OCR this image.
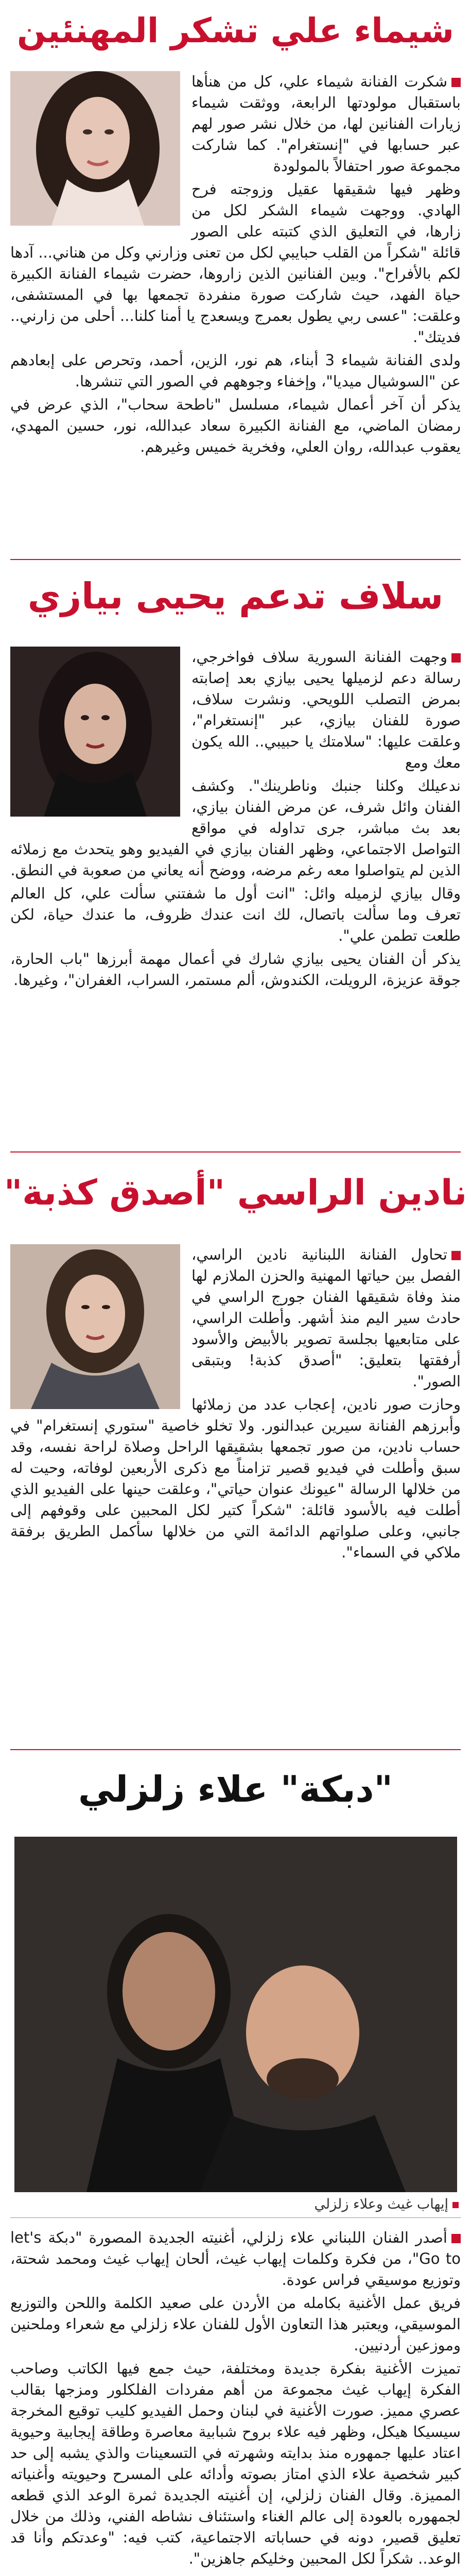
شيماء علي تشكر المهنئين

شكرت الفنانة شيماء علي، كل من هنأها باستقبال مولودتها الرابعة، ووثقت شيماء زيارات الفنانين لها، من خلال نشر صور لهم عبر حسابها في "إنستغرام". كما شاركت مجموعة صور احتفالاً بالمولودة

وظهر فيها شقيقها عقيل وزوجته فرح الهادي. ووجهت شيماء الشكر لكل من زارها، في التعليق الذي كتبته على الصور قائلة "شكراً من القلب حبايبي لكل من تعنى وزارني وكل من هناني... آدها لكم بالأفراح". وبين الفنانين الذين زاروها، حضرت شيماء الفنانة الكبيرة حياة الفهد، حيث شاركت صورة منفردة تجمعها بها في المستشفى، وعلقت: "عسى ربي يطول بعمرج ويسعدج يا أمنا كلنا... أحلى من زارني.. فديتك".

ولدى الفنانة شيماء 3 أبناء، هم نور، الزين، أحمد، وتحرص على إبعادهم عن "السوشيال ميديا"، وإخفاء وجوههم في الصور التي تنشرها.

يذكر أن آخر أعمال شيماء، مسلسل "ناطحة سحاب"، الذي عرض في رمضان الماضي، مع الفنانة الكبيرة سعاد عبدالله، نور، حسين المهدي، يعقوب عبدالله، روان العلي، وفخرية خميس وغيرهم.

سلاف تدعم يحيى بيازي

وجهت الفنانة السورية سلاف فواخرجي، رسالة دعم لزميلها يحيى بيازي بعد إصابته بمرض التصلب اللويحي. ونشرت سلاف، صورة للفنان بيازي، عبر "إنستغرام"، وعلقت عليها: "سلامتك يا حبيبي.. الله يكون معك ومع

ندعيلك وكلنا جنبك وناطرينك". وكشف الفنان وائل شرف، عن مرض الفنان بيازي، بعد بث مباشر، جرى تداوله في مواقع التواصل الاجتماعي، وظهر الفنان بيازي في الفيديو وهو يتحدث مع زملائه الذين لم يتواصلوا معه رغم مرضه، ووضح أنه يعاني من صعوبة في النطق.

وقال بيازي لزميله وائل: "انت أول ما شفتني سألت علي، كل العالم تعرف وما سألت باتصال، لك انت عندك ظروف، ما عندك حياة، لكن طلعت تطمن علي".

يذكر أن الفنان يحيى بيازي شارك في أعمال مهمة أبرزها "باب الحارة، جوقة عزيزة، الرويلت، الكندوش، ألم مستمر، السراب، الغفران"، وغيرها.

نادين الراسي "أصدق كذبة"

تحاول الفنانة اللبنانية نادين الراسي، الفصل بين حياتها المهنية والحزن الملازم لها منذ وفاة شقيقها الفنان جورج الراسي في حادث سير اليم منذ أشهر. وأطلت الراسي، على متابعيها بجلسة تصوير بالأبيض والأسود أرفقتها بتعليق: "أصدق كذبة! وبتبقى الصور".

وحازت صور نادين، إعجاب عدد من زملائها وأبرزهم الفنانة سيرين عبدالنور. ولا تخلو خاصية "ستوري إنستغرام" في حساب نادين، من صور تجمعها بشقيقها الراحل وصلاة لراحة نفسه، وقد سبق وأطلت في فيديو قصير تزامناً مع ذكرى الأربعين لوفاته، وحيت له من خلالها الرسالة "عيونك عنوان حياتي"، وعلقت حينها على الفيديو الذي أطلت فيه بالأسود قائلة: "شكراً كتير لكل المحبين على وقوفهم إلى جانبي، وعلى صلواتهم الدائمة التي من خلالها سأكمل الطريق برفقة ملاكي في السماء".

"دبكة" علاء زلزلي
إيهاب غيث وعلاء زلزلي

أصدر الفنان اللبناني علاء زلزلي، أغنيته الجديدة المصورة "دبكة let's Go to"، من فكرة وكلمات إيهاب غيث، ألحان إيهاب غيث ومحمد شحتة، وتوزيع موسيقي فراس عودة.

فريق عمل الأغنية بكامله من الأردن على صعيد الكلمة واللحن والتوزيع الموسيقي، ويعتبر هذا التعاون الأول للفنان علاء زلزلي مع شعراء وملحنين وموزعين أردنيين.

تميزت الأغنية بفكرة جديدة ومختلفة، حيث جمع فيها الكاتب وصاحب الفكرة إيهاب غيث مجموعة من أهم مفردات الفلكلور ومزجها بقالب عصري مميز. صورت الأغنية في لبنان وحمل الفيديو كليب توقيع المخرجة سيسيكا هيكل، وظهر فيه علاء بروح شبابية معاصرة وطاقة إيجابية وحيوية اعتاد عليها جمهوره منذ بدايته وشهرته في التسعينات والذي يشبه إلى حد كبير شخصية علاء الذي امتاز بصوته وأدائه على المسرح وحيويته وأغنياته المميزة. وقال الفنان زلزلي، إن أغنيته الجديدة ثمرة الوعد الذي قطعه لجمهوره بالعودة إلى عالم الغناء واستئناف نشاطه الفني، وذلك من خلال تعليق قصير، دونه في حساباته الاجتماعية، كتب فيه: "وعدتكم وأنا قد الوعد.. شكراً لكل المحبين وخليكم جاهزين".
